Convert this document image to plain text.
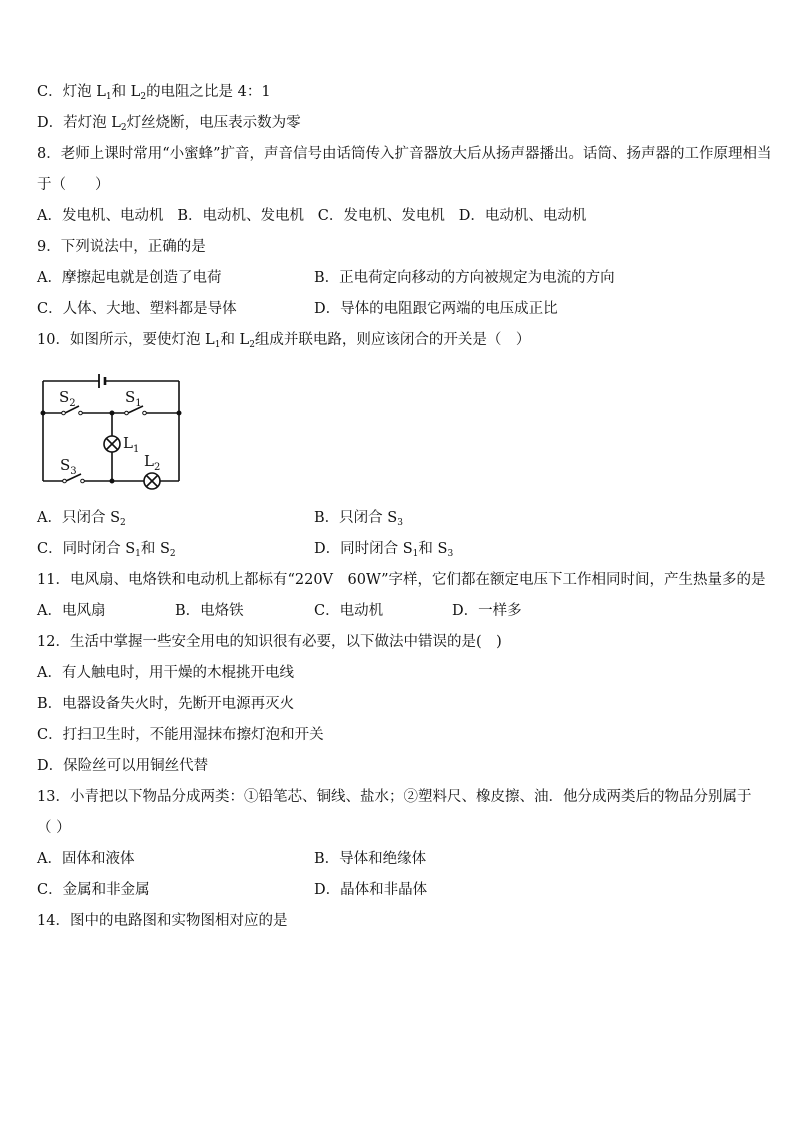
C．灯泡 $L_1$和 $L_2$的电阻之比是 4：1
D．若灯泡 $L_2$灯丝烧断，电压表示数为零
8．老师上课时常用“小蜜蜂”扩音，声音信号由话筒传入扩音器放大后从扬声器播出。话筒、扬声器的工作原理相当
于（　　）
A．发电机、电动机 B．电动机、发电机 C．发电机、发电机 D．电动机、电动机
9．下列说法中，正确的是
A．摩擦起电就是创造了电荷	B．正电荷定向移动的方向被规定为电流的方向
C．人体、大地、塑料都是导体	D．导体的电阻跟它两端的电压成正比
10．如图所示，要使灯泡 $L_1$和 $L_2$组成并联电路，则应该闭合的开关是（　）
$S_2$	$S_1$
$L_1$
$S_3$
$L_2$
A．只闭合 $S_2$	B．只闭合 $S_3$
C．同时闭合 $S_1$和 $S_2$	D．同时闭合 $S_1$和 $S_3$
11．电风扇、电烙铁和电动机上都标有“220V　60W”字样，它们都在额定电压下工作相同时间，产生热量多的是
A．电风扇	B．电烙铁	C．电动机	D．一样多
12．生活中掌握一些安全用电的知识很有必要，以下做法中错误的是(　)
A．有人触电时，用干燥的木棍挑开电线
B．电器设备失火时，先断开电源再灭火
C．打扫卫生时，不能用湿抹布擦灯泡和开关
D．保险丝可以用铜丝代替
13．小青把以下物品分成两类：①铅笔芯、铜线、盐水；②塑料尺、橡皮擦、油．他分成两类后的物品分别属于
（ ）
A．固体和液体	B．导体和绝缘体
C．金属和非金属	D．晶体和非晶体
14．图中的电路图和实物图相对应的是
